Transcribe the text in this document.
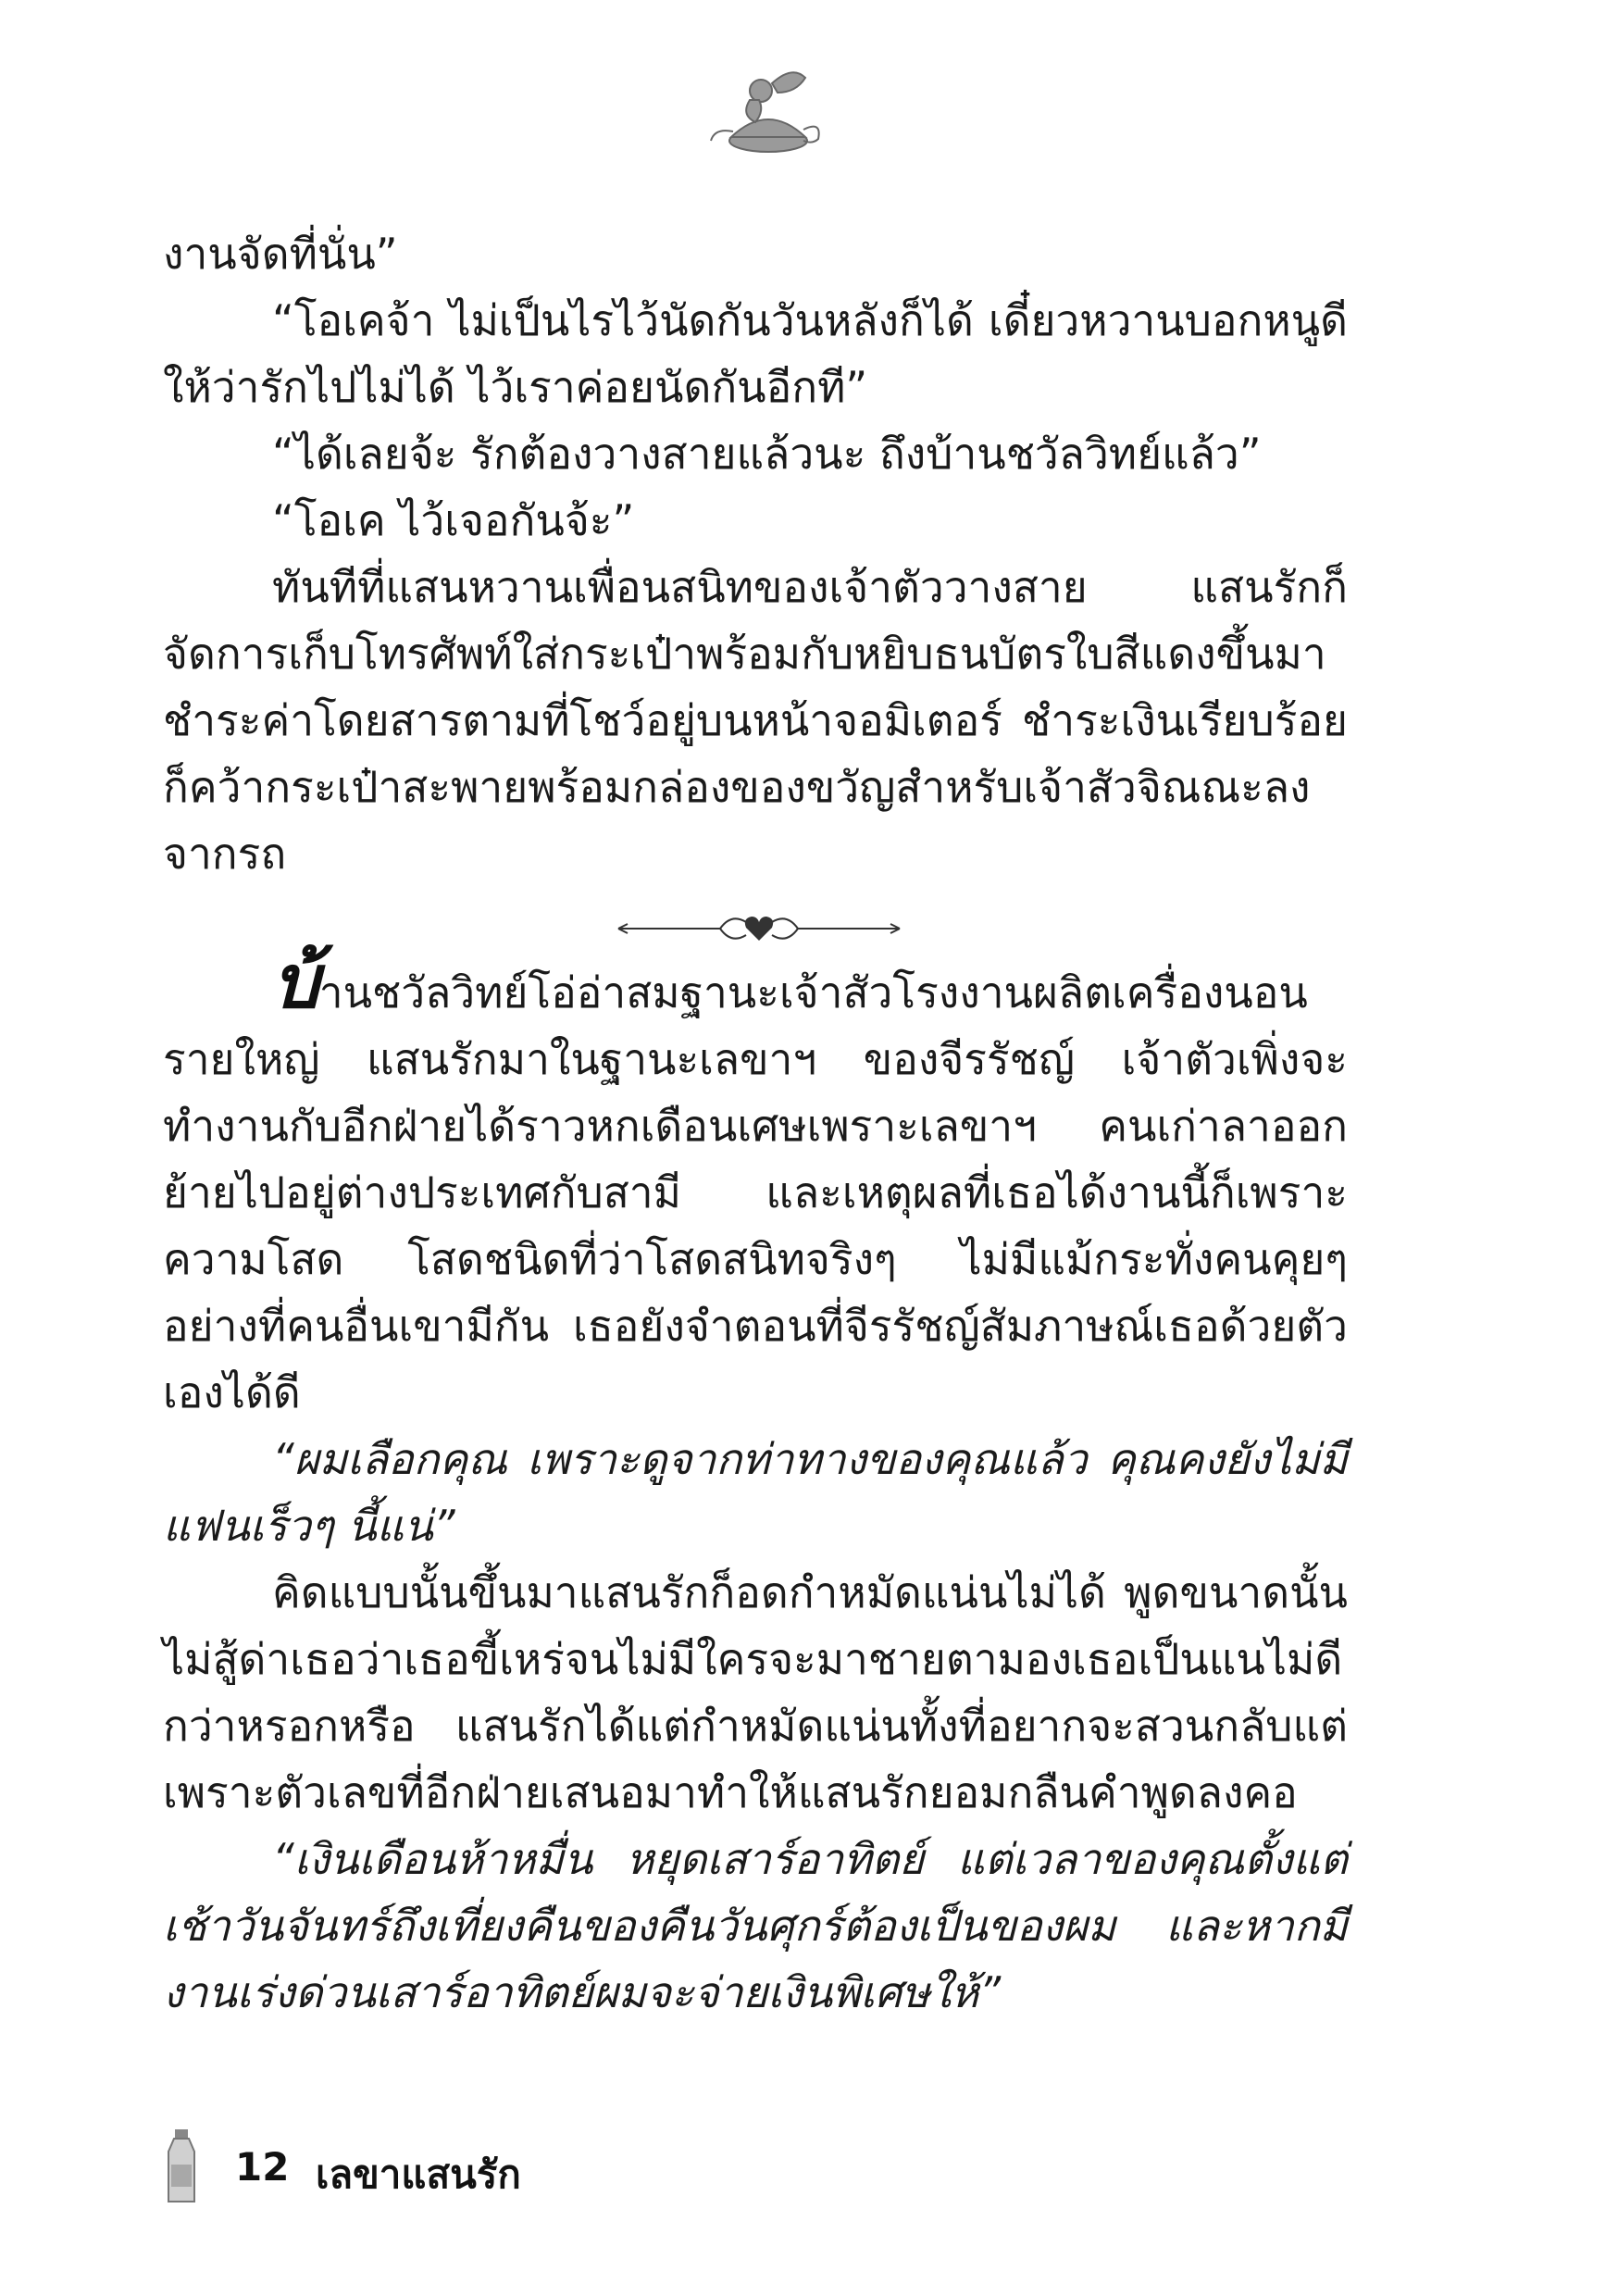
งานจัดที่นั่น”

“โอเคจ้า ไม่เป็นไรไว้นัดกันวันหลังก็ได้ เดี๋ยวหวานบอกหนูดีให้ว่ารักไปไม่ได้ ไว้เราค่อยนัดกันอีกที”

“ได้เลยจ้ะ รักต้องวางสายแล้วนะ ถึงบ้านชวัลวิทย์แล้ว”

“โอเค ไว้เจอกันจ้ะ”

ทันทีที่แสนหวานเพื่อนสนิทของเจ้าตัววางสาย แสนรักก็จัดการเก็บโทรศัพท์ใส่กระเป๋าพร้อมกับหยิบธนบัตรใบสีแดงขึ้นมาชำระค่าโดยสารตามที่โชว์อยู่บนหน้าจอมิเตอร์ ชำระเงินเรียบร้อยก็คว้ากระเป๋าสะพายพร้อมกล่องของขวัญสำหรับเจ้าสัวจิณณะลงจากรถ

บ้านชวัลวิทย์โอ่อ่าสมฐานะเจ้าสัวโรงงานผลิตเครื่องนอนรายใหญ่ แสนรักมาในฐานะเลขาฯ ของจีรรัชญ์ เจ้าตัวเพิ่งจะทำงานกับอีกฝ่ายได้ราวหกเดือนเศษเพราะเลขาฯ คนเก่าลาออกย้ายไปอยู่ต่างประเทศกับสามี และเหตุผลที่เธอได้งานนี้ก็เพราะความโสด โสดชนิดที่ว่าโสดสนิทจริงๆ ไม่มีแม้กระทั่งคนคุยๆ อย่างที่คนอื่นเขามีกัน เธอยังจำตอนที่จีรรัชญ์สัมภาษณ์เธอด้วยตัวเองได้ดี

“ผมเลือกคุณ เพราะดูจากท่าทางของคุณแล้ว คุณคงยังไม่มีแฟนเร็วๆ นี้แน่”

คิดแบบนั้นขึ้นมาแสนรักก็อดกำหมัดแน่นไม่ได้ พูดขนาดนั้นไม่สู้ด่าเธอว่าเธอขี้เหร่จนไม่มีใครจะมาชายตามองเธอเป็นแนไม่ดีกว่าหรอกหรือ แสนรักได้แต่กำหมัดแน่นทั้งที่อยากจะสวนกลับแต่เพราะตัวเลขที่อีกฝ่ายเสนอมาทำให้แสนรักยอมกลืนคำพูดลงคอ

“เงินเดือนห้าหมื่น หยุดเสาร์อาทิตย์ แต่เวลาของคุณตั้งแต่เช้าวันจันทร์ถึงเที่ยงคืนของคืนวันศุกร์ต้องเป็นของผม และหากมีงานเร่งด่วนเสาร์อาทิตย์ผมจะจ่ายเงินพิเศษให้”

12 เลขาแสนรัก
